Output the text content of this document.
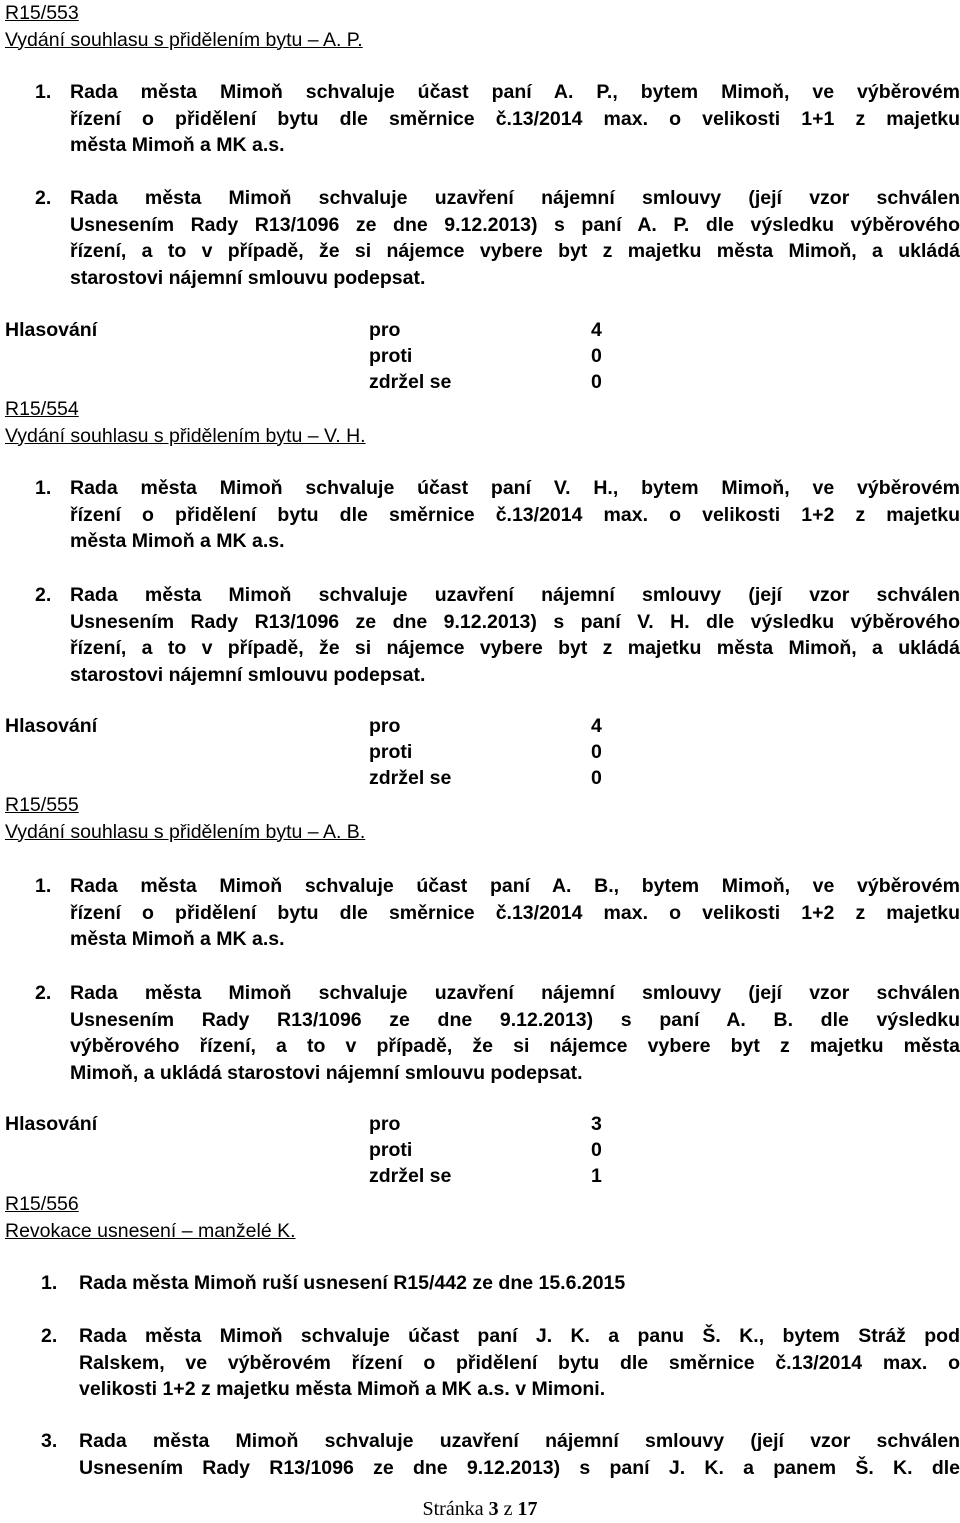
R15/553
Vydání souhlasu s přidělením bytu – A. P.
1. Rada města Mimoň schvaluje účast paní A. P., bytem Mimoň, ve výběrovém
řízení o přidělení bytu dle směrnice č.13/2014 max. o velikosti 1+1 z majetku
města Mimoň a MK a.s.
2. Rada města Mimoň schvaluje uzavření nájemní smlouvy (její vzor schválen
Usnesením Rady R13/1096 ze dne 9.12.2013) s paní A. P. dle výsledku výběrového
řízení, a to v případě, že si nájemce vybere byt z majetku města Mimoň, a ukládá
starostovi nájemní smlouvu podepsat.
Hlasování	pro	4
proti	0
zdržel se	0
R15/554
Vydání souhlasu s přidělením bytu – V. H.
1. Rada města Mimoň schvaluje účast paní V. H., bytem Mimoň, ve výběrovém
řízení o přidělení bytu dle směrnice č.13/2014 max. o velikosti 1+2 z majetku
města Mimoň a MK a.s.
2. Rada města Mimoň schvaluje uzavření nájemní smlouvy (její vzor schválen
Usnesením Rady R13/1096 ze dne 9.12.2013) s paní V. H. dle výsledku výběrového
řízení, a to v případě, že si nájemce vybere byt z majetku města Mimoň, a ukládá
starostovi nájemní smlouvu podepsat.
Hlasování	pro	4
proti	0
zdržel se	0
R15/555
Vydání souhlasu s přidělením bytu – A. B.
1. Rada města Mimoň schvaluje účast paní A. B., bytem Mimoň, ve výběrovém
řízení o přidělení bytu dle směrnice č.13/2014 max. o velikosti 1+2 z majetku
města Mimoň a MK a.s.
2. Rada města Mimoň schvaluje uzavření nájemní smlouvy (její vzor schválen
Usnesením Rady R13/1096 ze dne 9.12.2013) s paní A. B. dle výsledku
výběrového řízení, a to v případě, že si nájemce vybere byt z majetku města
Mimoň, a ukládá starostovi nájemní smlouvu podepsat.
Hlasování	pro	3
proti	0
zdržel se	1
R15/556
Revokace usnesení – manželé K.
1. Rada města Mimoň ruší usnesení R15/442 ze dne 15.6.2015
2. Rada města Mimoň schvaluje účast paní J. K. a panu Š. K., bytem Stráž pod
Ralskem, ve výběrovém řízení o přidělení bytu dle směrnice č.13/2014 max. o
velikosti 1+2 z majetku města Mimoň a MK a.s. v Mimoni.
3. Rada města Mimoň schvaluje uzavření nájemní smlouvy (její vzor schválen
Usnesením Rady R13/1096 ze dne 9.12.2013) s paní J. K. a panem Š. K. dle
Stránka 3 z 17
